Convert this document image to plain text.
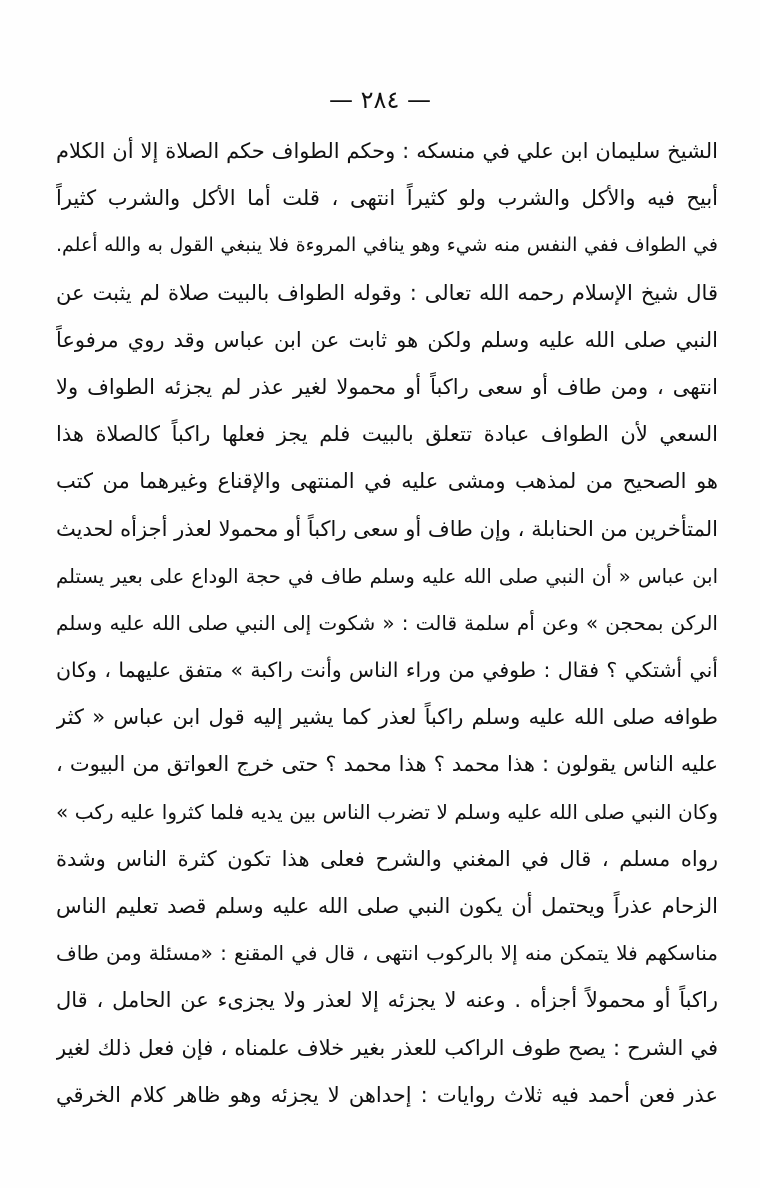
— ٢٨٤ —
الشيخ سليمان ابن علي في منسكه : وحكم الطواف حكم الصلاة إلا أن الكلام
أبيح فيه والأكل والشرب ولو كثيراً انتهى ، قلت أما الأكل والشرب كثيراً
في الطواف ففي النفس منه شيء وهو ينافي المروءة فلا ينبغي القول به والله أعلم.
قال شيخ الإسلام رحمه الله تعالى : وقوله الطواف بالبيت صلاة لم يثبت عن
النبي صلى الله عليه وسلم ولكن هو ثابت عن ابن عباس وقد روي مرفوعاً
انتهى ، ومن طاف أو سعى راكباً أو محمولا لغير عذر لم يجزئه الطواف ولا
السعي لأن الطواف عبادة تتعلق بالبيت فلم يجز فعلها راكباً كالصلاة هذا
هو الصحيح من لمذهب ومشى عليه في المنتهى والإقناع وغيرهما من كتب
المتأخرين من الحنابلة ، وإن طاف أو سعى راكباً أو محمولا لعذر أجزأه لحديث
ابن عباس « أن النبي صلى الله عليه وسلم طاف في حجة الوداع على بعير يستلم
الركن بمحجن » وعن أم سلمة قالت : « شكوت إلى النبي صلى الله عليه وسلم
أني أشتكي ؟ فقال : طوفي من وراء الناس وأنت راكبة » متفق عليهما ، وكان
طوافه صلى الله عليه وسلم راكباً لعذر كما يشير إليه قول ابن عباس « كثر
عليه الناس يقولون : هذا محمد ؟ هذا محمد ؟ حتى خرج العواتق من البيوت ،
وكان النبي صلى الله عليه وسلم لا تضرب الناس بين يديه فلما كثروا عليه ركب »
رواه مسلم ، قال في المغني والشرح فعلى هذا تكون كثرة الناس وشدة
الزحام عذراً ويحتمل أن يكون النبي صلى الله عليه وسلم قصد تعليم الناس
مناسكهم فلا يتمكن منه إلا بالركوب انتهى ، قال في المقنع : «مسئلة ومن طاف
راكباً أو محمولاً أجزأه . وعنه لا يجزئه إلا لعذر ولا يجزىء عن الحامل ، قال
في الشرح : يصح طوف الراكب للعذر بغير خلاف علمناه ، فإن فعل ذلك لغير
عذر فعن أحمد فيه ثلاث روايات : إحداهن لا يجزئه وهو ظاهر كلام الخرقي
